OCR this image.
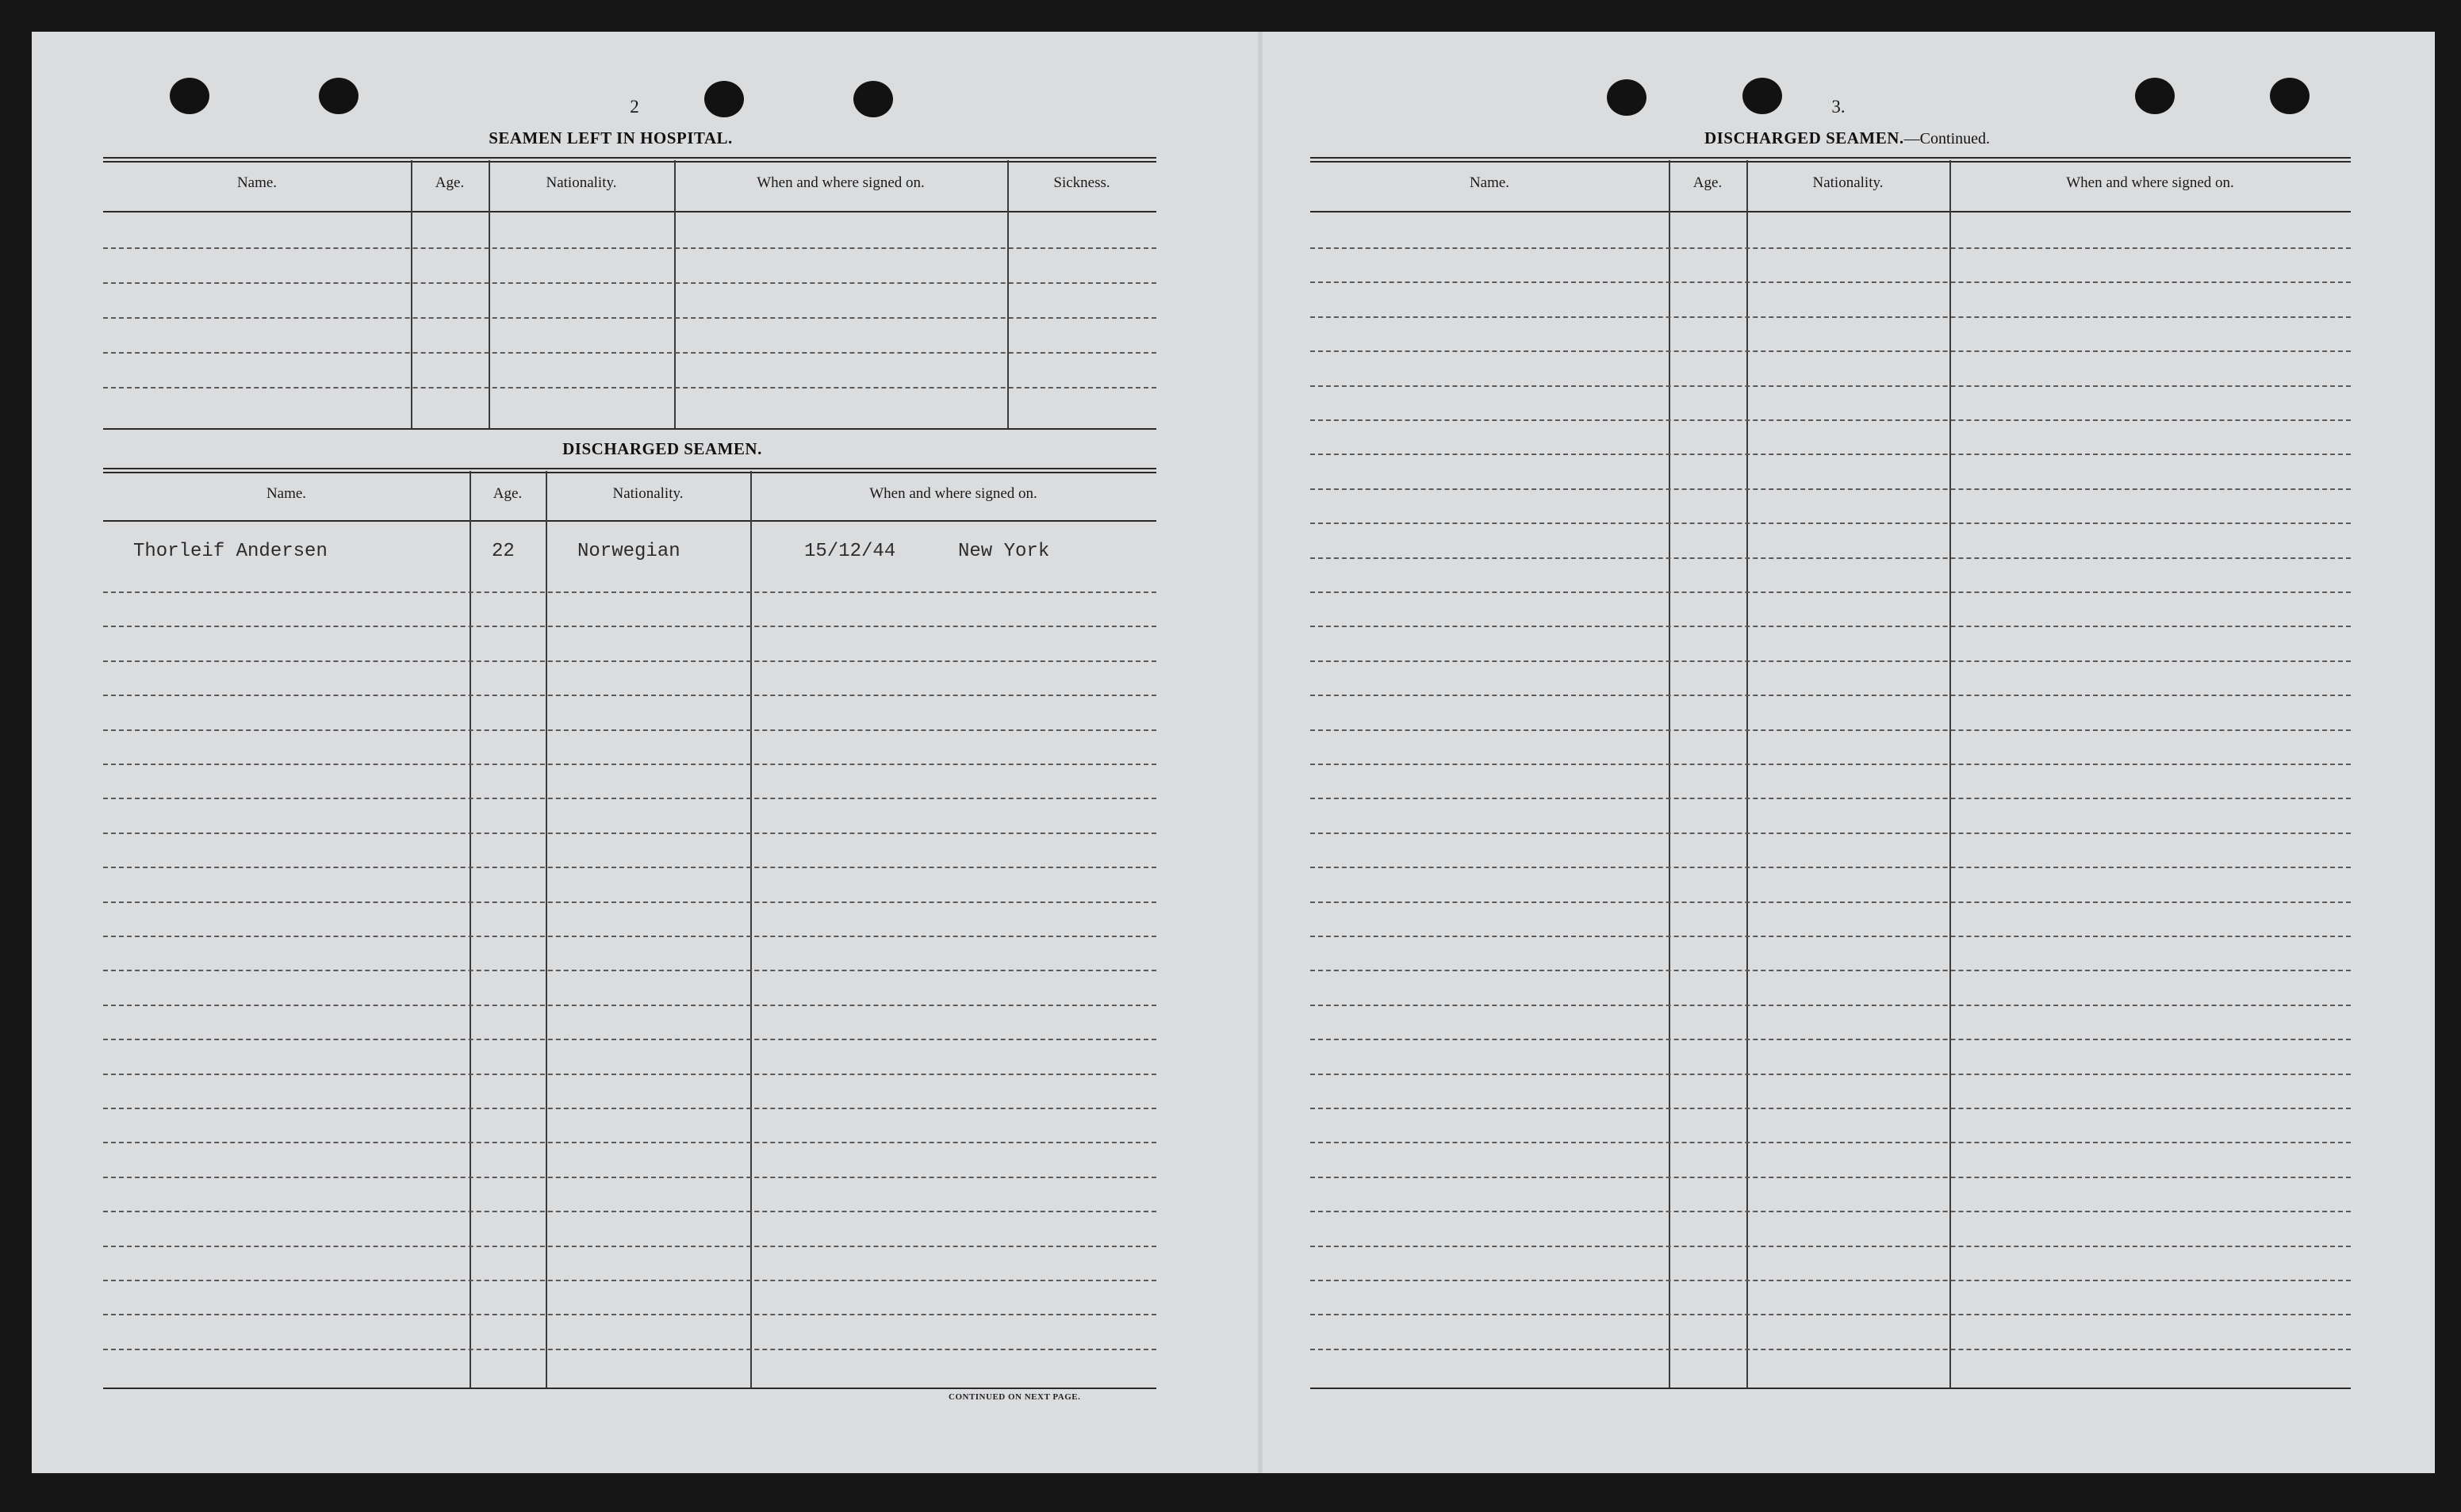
2
SEAMEN LEFT IN HOSPITAL.
Name.	Age.	Nationality.	When and where signed on.	Sickness.
DISCHARGED SEAMEN.
Name.	Age.	Nationality.	When and where signed on.
Thorleif Andersen	22	Norwegian	15/12/44	New York
CONTINUED ON NEXT PAGE.
3.
DISCHARGED SEAMEN.—Continued.
Name.	Age.	Nationality.	When and where signed on.
